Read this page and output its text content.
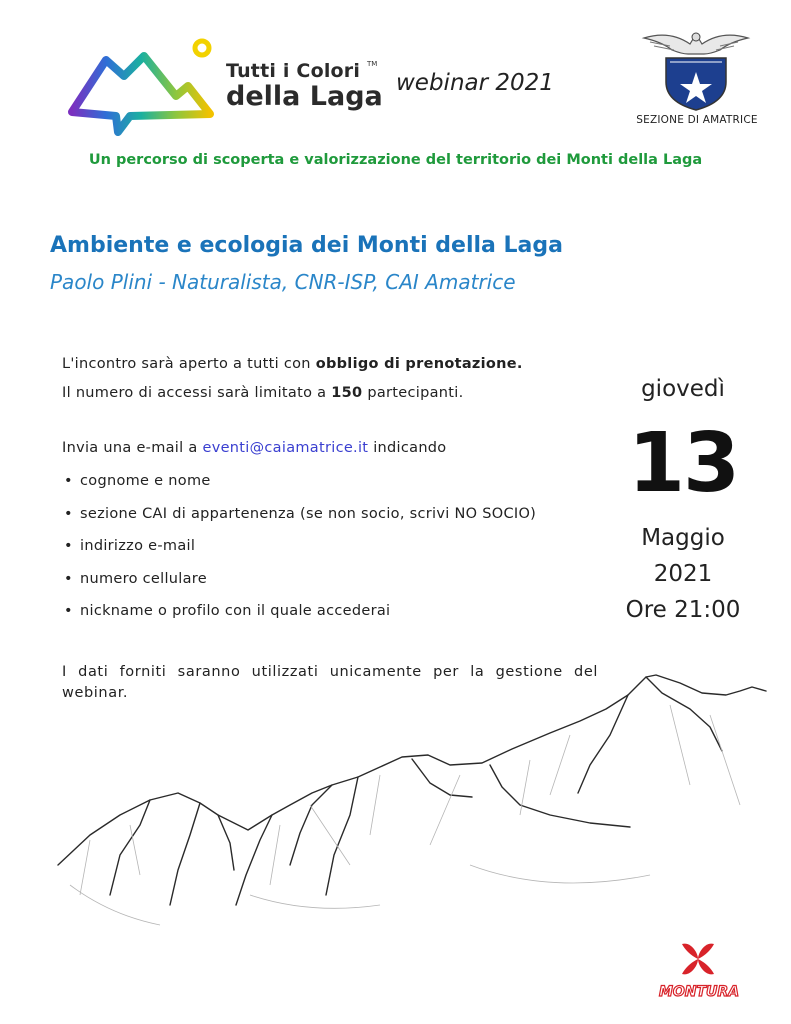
Tutti i Colori
della Laga
TM
webinar 2021
SEZIONE DI AMATRICE
Un percorso di scoperta e valorizzazione del territorio dei Monti della Laga
Ambiente e ecologia dei Monti della Laga
Paolo Plini - Naturalista, CNR-ISP, CAI Amatrice
L'incontro sarà aperto a tutti con obbligo di prenotazione.
Il numero di accessi sarà limitato a 150 partecipanti.
Invia una e-mail a eventi@caiamatrice.it indicando
• cognome e nome
• sezione CAI di appartenenza (se non socio, scrivi NO SOCIO)
• indirizzo e-mail
• numero cellulare
• nickname o profilo con il quale accederai
I dati forniti saranno utilizzati unicamente per la gestione del webinar.
giovedì
13
Maggio
2021
Ore 21:00
MONTURA
